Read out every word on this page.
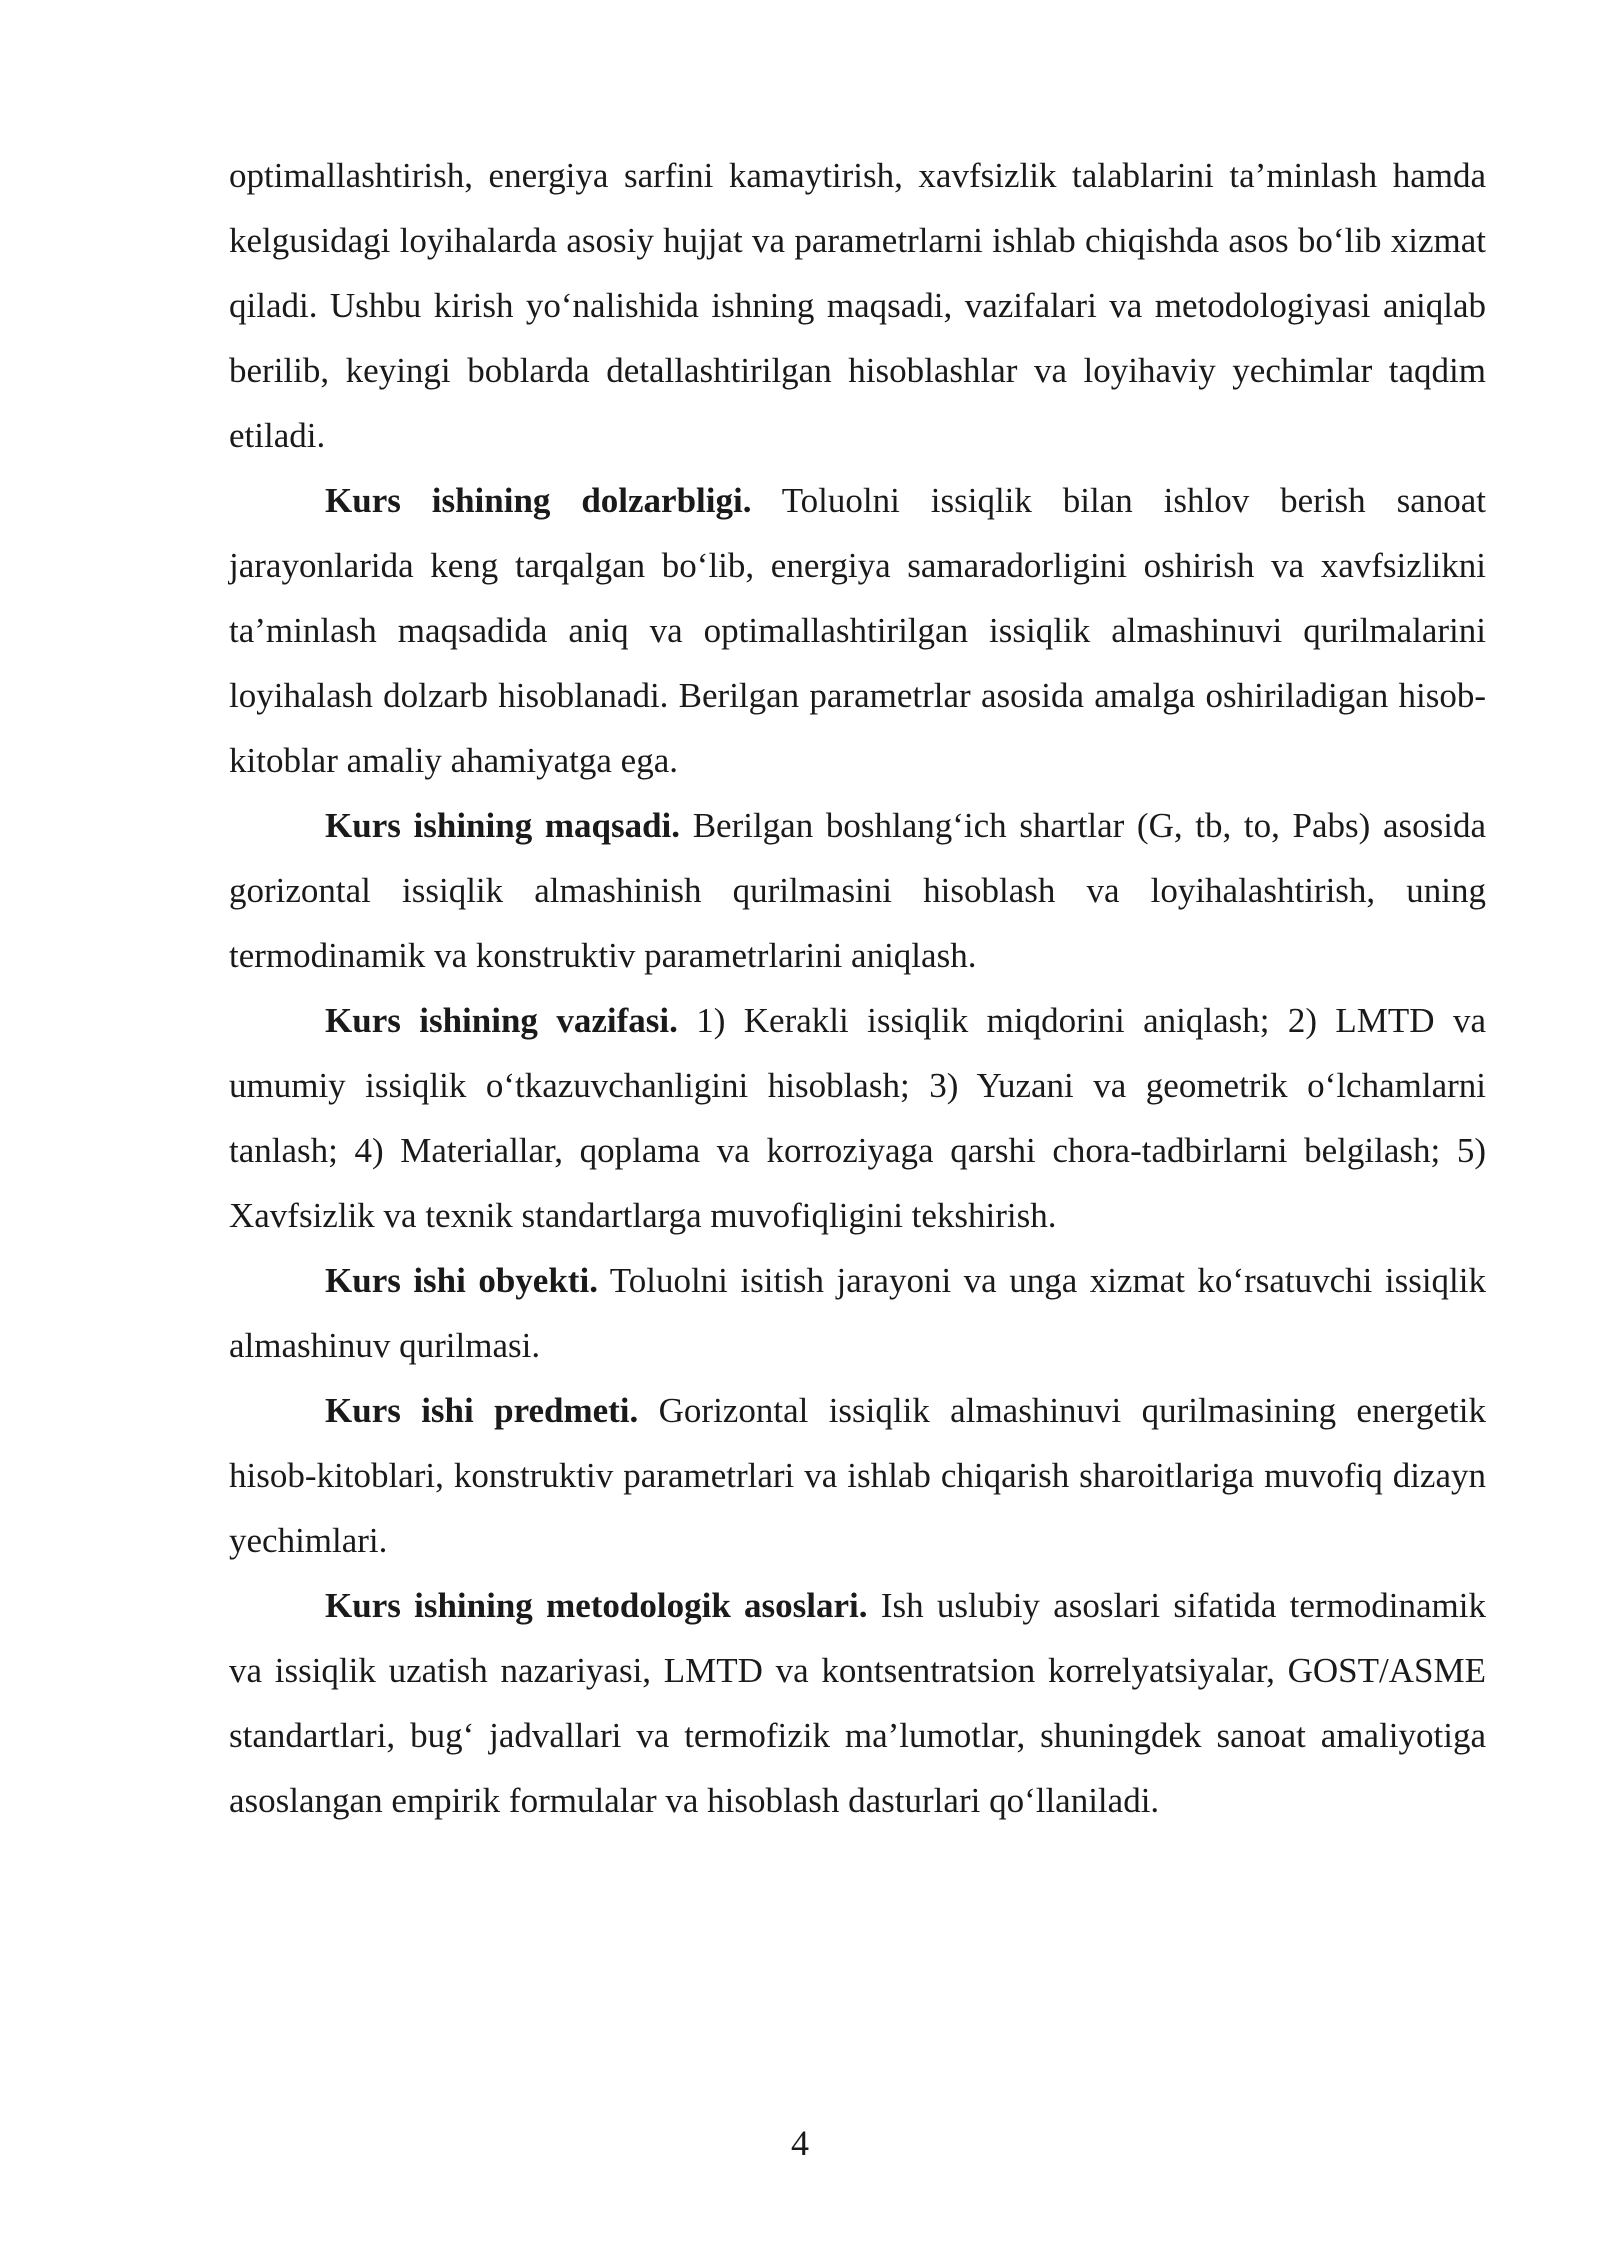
optimallashtirish, energiya sarfini kamaytirish, xavfsizlik talablarini ta’minlash hamda kelgusidagi loyihalarda asosiy hujjat va parametrlarni ishlab chiqishda asos bo‘lib xizmat qiladi. Ushbu kirish yo‘nalishida ishning maqsadi, vazifalari va metodologiyasi aniqlab berilib, keyingi boblarda detallashtirilgan hisoblashlar va loyihaviy yechimlar taqdim etiladi.

Kurs ishining dolzarbligi. Toluolni issiqlik bilan ishlov berish sanoat jarayonlarida keng tarqalgan bo‘lib, energiya samaradorligini oshirish va xavfsizlikni ta’minlash maqsadida aniq va optimallashtirilgan issiqlik almashinuvi qurilmalarini loyihalash dolzarb hisoblanadi. Berilgan parametrlar asosida amalga oshiriladigan hisob-kitoblar amaliy ahamiyatga ega.

Kurs ishining maqsadi. Berilgan boshlang‘ich shartlar (G, tb, to, Pabs) asosida gorizontal issiqlik almashinish qurilmasini hisoblash va loyihalashtirish, uning termodinamik va konstruktiv parametrlarini aniqlash.

Kurs ishining vazifasi. 1) Kerakli issiqlik miqdorini aniqlash; 2) LMTD va umumiy issiqlik o‘tkazuvchanligini hisoblash; 3) Yuzani va geometrik o‘lchamlarni tanlash; 4) Materiallar, qoplama va korroziyaga qarshi chora-tadbirlarni belgilash; 5) Xavfsizlik va texnik standartlarga muvofiqligini tekshirish.

Kurs ishi obyekti. Toluolni isitish jarayoni va unga xizmat ko‘rsatuvchi issiqlik almashinuv qurilmasi.

Kurs ishi predmeti. Gorizontal issiqlik almashinuvi qurilmasining energetik hisob-kitoblari, konstruktiv parametrlari va ishlab chiqarish sharoitlariga muvofiq dizayn yechimlari.

Kurs ishining metodologik asoslari. Ish uslubiy asoslari sifatida termodinamik va issiqlik uzatish nazariyasi, LMTD va kontsentratsion korrelyatsiyalar, GOST/ASME standartlari, bug‘ jadvallari va termofizik ma’lumotlar, shuningdek sanoat amaliyotiga asoslangan empirik formulalar va hisoblash dasturlari qo‘llaniladi.

4
